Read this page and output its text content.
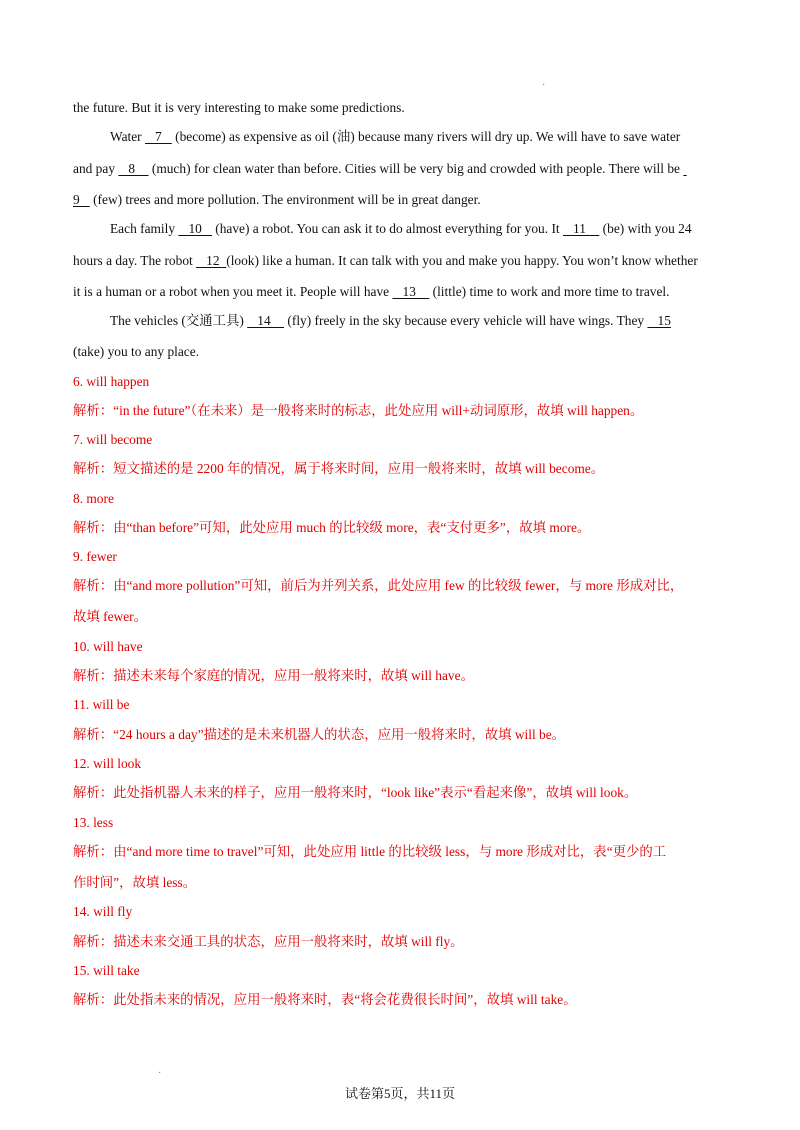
·
·
the future. But it is very interesting to make some predictions.
Water    7    (become) as expensive as oil (油) because many rivers will dry up. We will have to save water
and pay    8     (much) for clean water than before. Cities will be very big and crowded with people. There will be
9    (few) trees and more pollution. The environment will be in great danger.
Each family    10    (have) a robot. You can ask it to do almost everything for you. It    11     (be) with you 24
hours a day. The robot    12  (look) like a human. It can talk with you and make you happy. You won’t know whether
it is a human or a robot when you meet it. People will have    13     (little) time to work and more time to travel.
The vehicles (交通工具)    14     (fly) freely in the sky because every vehicle will have wings. They    15
(take) you to any place.
6. will happen
解析：“in the future”（在未来）是一般将来时的标志，此处应用 will+动词原形，故填 will happen。
7. will become
解析：短文描述的是 2200 年的情况，属于将来时间，应用一般将来时，故填 will become。
8. more
解析：由“than before”可知，此处应用 much 的比较级 more，表“支付更多”，故填 more。
9. fewer
解析：由“and more pollution”可知，前后为并列关系，此处应用 few 的比较级 fewer，与 more 形成对比，
故填 fewer。
10. will have
解析：描述未来每个家庭的情况，应用一般将来时，故填 will have。
11. will be
解析：“24 hours a day”描述的是未来机器人的状态，应用一般将来时，故填 will be。
12. will look
解析：此处指机器人未来的样子，应用一般将来时，“look like”表示“看起来像”，故填 will look。
13. less
解析：由“and more time to travel”可知，此处应用 little 的比较级 less，与 more 形成对比，表“更少的工
作时间”，故填 less。
14. will fly
解析：描述未来交通工具的状态，应用一般将来时，故填 will fly。
15. will take
解析：此处指未来的情况，应用一般将来时，表“将会花费很长时间”，故填 will take。
试卷第5页，共11页
